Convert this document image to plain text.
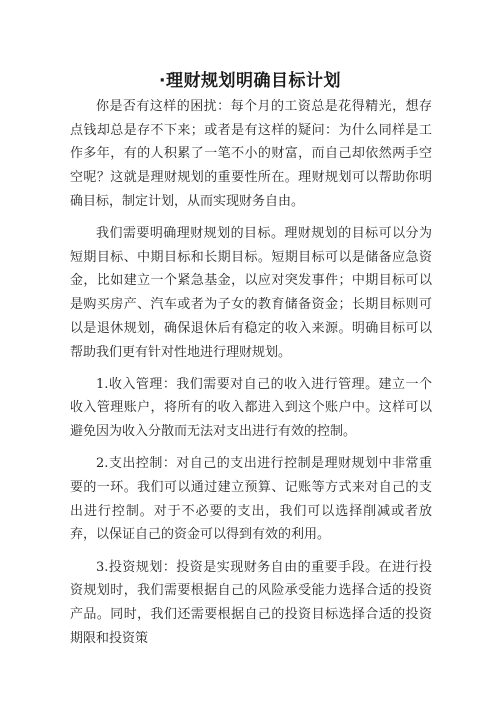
·理财规划明确目标计划

你是否有这样的困扰：每个月的工资总是花得精光，想存点钱却总是存不下来；或者是有这样的疑问：为什么同样是工作多年，有的人积累了一笔不小的财富，而自己却依然两手空空呢？这就是理财规划的重要性所在。理财规划可以帮助你明确目标，制定计划，从而实现财务自由。

我们需要明确理财规划的目标。理财规划的目标可以分为短期目标、中期目标和长期目标。短期目标可以是储备应急资金，比如建立一个紧急基金，以应对突发事件；中期目标可以是购买房产、汽车或者为子女的教育储备资金；长期目标则可以是退休规划，确保退休后有稳定的收入来源。明确目标可以帮助我们更有针对性地进行理财规划。

1.收入管理：我们需要对自己的收入进行管理。建立一个收入管理账户，将所有的收入都进入到这个账户中。这样可以避免因为收入分散而无法对支出进行有效的控制。

2.支出控制：对自己的支出进行控制是理财规划中非常重要的一环。我们可以通过建立预算、记账等方式来对自己的支出进行控制。对于不必要的支出，我们可以选择削减或者放弃，以保证自己的资金可以得到有效的利用。

3.投资规划：投资是实现财务自由的重要手段。在进行投资规划时，我们需要根据自己的风险承受能力选择合适的投资产品。同时，我们还需要根据自己的投资目标选择合适的投资期限和投资策
